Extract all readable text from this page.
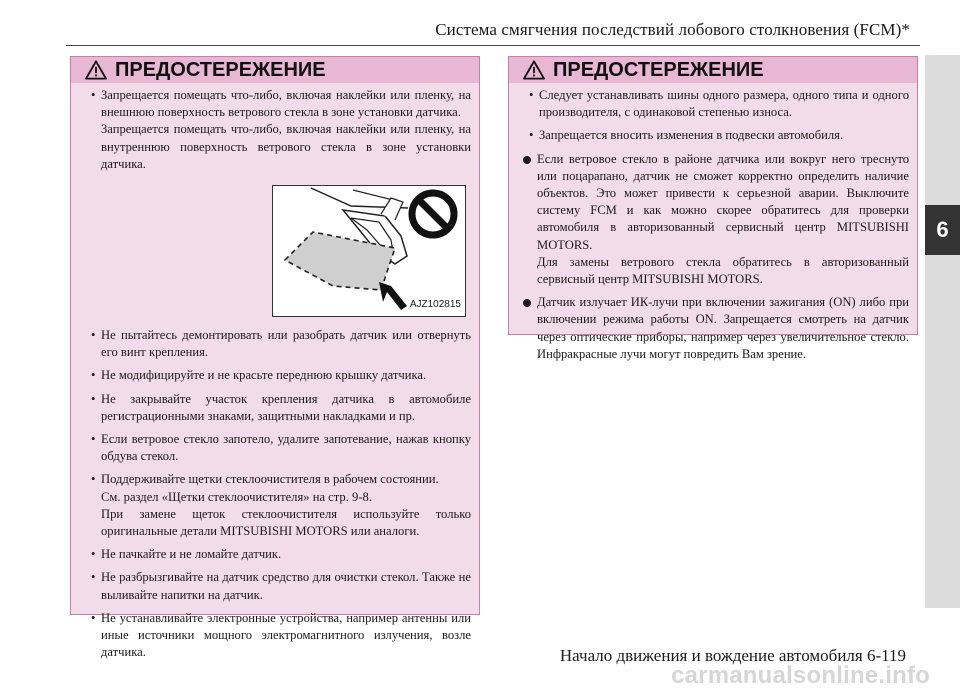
Система смягчения последствий лобового столкновения (FCM)*
6
ПРЕДОСТЕРЕЖЕНИЕ
• Запрещается помещать что-либо, включая наклейки или пленку, на внешнюю поверхность ветрового стекла в зоне установки датчика.
Запрещается помещать что-либо, включая наклейки или пленку, на внутреннюю поверхность ветрового стекла в зоне установки датчика.
AJZ102815
• Не пытайтесь демонтировать или разобрать датчик или отвернуть его винт крепления.
• Не модифицируйте и не красьте переднюю крышку датчика.
• Не закрывайте участок крепления датчика в автомобиле регистрационными знаками, защитными накладками и пр.
• Если ветровое стекло запотело, удалите запотевание, нажав кнопку обдува стекол.
• Поддерживайте щетки стеклоочистителя в рабочем состоянии.
См. раздел «Щетки стеклоочистителя» на стр. 9-8.
При замене щеток стеклоочистителя используйте только оригинальные детали MITSUBISHI MOTORS или аналоги.
• Не пачкайте и не ломайте датчик.
• Не разбрызгивайте на датчик средство для очистки стекол. Также не выливайте напитки на датчик.
• Не устанавливайте электронные устройства, например антенны или иные источники мощного электромагнитного излучения, возле датчика.
ПРЕДОСТЕРЕЖЕНИЕ
• Следует устанавливать шины одного размера, одного типа и одного производителя, с одинаковой степенью износа.
• Запрещается вносить изменения в подвески автомобиля.
Если ветровое стекло в районе датчика или вокруг него треснуто или поцарапано, датчик не сможет корректно определить наличие объектов. Это может привести к серьезной аварии. Выключите систему FCM и как можно скорее обратитесь для проверки автомобиля в авторизованный сервисный центр MITSUBISHI MOTORS.
Для замены ветрового стекла обратитесь в авторизованный сервисный центр MITSUBISHI MOTORS.
Датчик излучает ИК-лучи при включении зажигания (ON) либо при включении режима работы ON. Запрещается смотреть на датчик через оптические приборы, например через увеличительное стекло. Инфракрасные лучи могут повредить Вам зрение.
Начало движения и вождение автомобиля 6-119
carmanualsonline.info
